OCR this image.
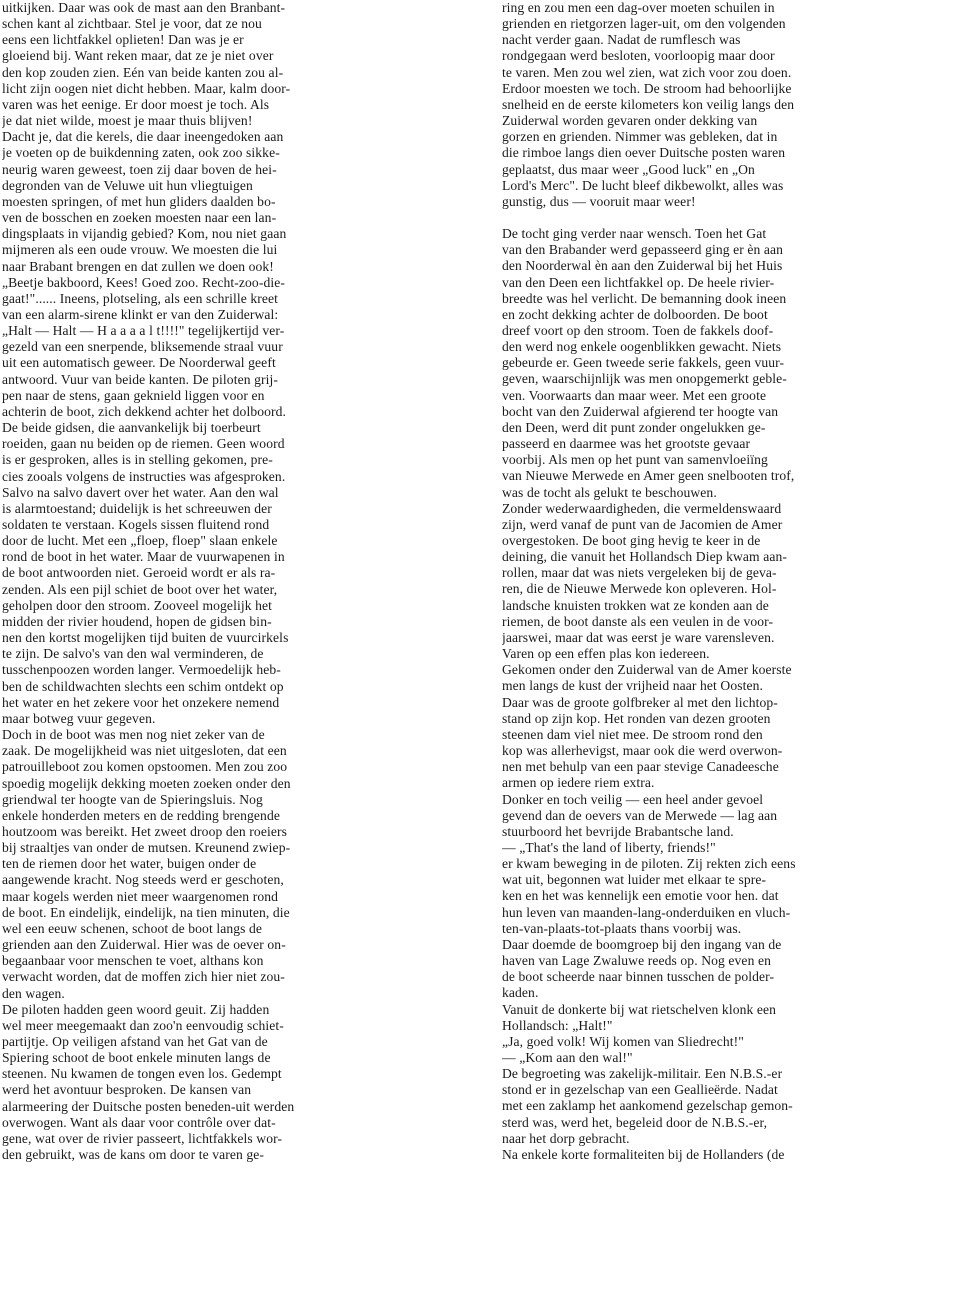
uitkijken. Daar was ook de mast aan den Branbant-

schen kant al zichtbaar. Stel je voor, dat ze nou

eens een lichtfakkel oplieten! Dan was je er

gloeiend bij. Want reken maar, dat ze je niet over

den kop zouden zien. Eén van beide kanten zou al-

licht zijn oogen niet dicht hebben. Maar, kalm door-

varen was het eenige. Er door moest je toch. Als

je dat niet wilde, moest je maar thuis blijven!

Dacht je, dat die kerels, die daar ineengedoken aan

je voeten op de buikdenning zaten, ook zoo sikke-

neurig waren geweest, toen zij daar boven de hei-

degronden van de Veluwe uit hun vliegtuigen

moesten springen, of met hun gliders daalden bo-

ven de bosschen en zoeken moesten naar een lan-

dingsplaats in vijandig gebied? Kom, nou niet gaan

mijmeren als een oude vrouw. We moesten die lui

naar Brabant brengen en dat zullen we doen ook!

„Beetje bakboord, Kees! Goed zoo. Recht-zoo-die-

gaat!"...... Ineens, plotseling, als een schrille kreet

van een alarm-sirene klinkt er van den Zuiderwal:

„Halt — Halt — H a a a a l t!!!!" tegelijkertijd ver-

gezeld van een snerpende, bliksemende straal vuur

uit een automatisch geweer. De Noorderwal geeft

antwoord. Vuur van beide kanten. De piloten grij-

pen naar de stens, gaan geknield liggen voor en

achterin de boot, zich dekkend achter het dolboord.

De beide gidsen, die aanvankelijk bij toerbeurt

roeiden, gaan nu beiden op de riemen. Geen woord

is er gesproken, alles is in stelling gekomen, pre-

cies zooals volgens de instructies was afgesproken.

Salvo na salvo davert over het water. Aan den wal

is alarmtoestand; duidelijk is het schreeuwen der

soldaten te verstaan. Kogels sissen fluitend rond

door de lucht. Met een „floep, floep" slaan enkele

rond de boot in het water. Maar de vuurwapenen in

de boot antwoorden niet. Geroeid wordt er als ra-

zenden. Als een pijl schiet de boot over het water,

geholpen door den stroom. Zooveel mogelijk het

midden der rivier houdend, hopen de gidsen bin-

nen den kortst mogelijken tijd buiten de vuurcirkels

te zijn. De salvo's van den wal verminderen, de

tusschenpoozen worden langer. Vermoedelijk heb-

ben de schildwachten slechts een schim ontdekt op

het water en het zekere voor het onzekere nemend

maar botweg vuur gegeven.

Doch in de boot was men nog niet zeker van de

zaak. De mogelijkheid was niet uitgesloten, dat een

patrouilleboot zou komen opstoomen. Men zou zoo

spoedig mogelijk dekking moeten zoeken onder den

griendwal ter hoogte van de Spieringsluis. Nog

enkele honderden meters en de redding brengende

houtzoom was bereikt. Het zweet droop den roeiers

bij straaltjes van onder de mutsen. Kreunend zwiep-

ten de riemen door het water, buigen onder de

aangewende kracht. Nog steeds werd er geschoten,

maar kogels werden niet meer waargenomen rond

de boot. En eindelijk, eindelijk, na tien minuten, die

wel een eeuw schenen, schoot de boot langs de

grienden aan den Zuiderwal. Hier was de oever on-

begaanbaar voor menschen te voet, althans kon

verwacht worden, dat de moffen zich hier niet zou-

den wagen.

De piloten hadden geen woord geuit. Zij hadden

wel meer meegemaakt dan zoo'n eenvoudig schiet-

partijtje. Op veiligen afstand van het Gat van de

Spiering schoot de boot enkele minuten langs de

steenen. Nu kwamen de tongen even los. Gedempt

werd het avontuur besproken. De kansen van

alarmeering der Duitsche posten beneden-uit werden

overwogen. Want als daar voor contrôle over dat-

gene, wat over de rivier passeert, lichtfakkels wor-

den gebruikt, was de kans om door te varen ge-

ring en zou men een dag-over moeten schuilen in

grienden en rietgorzen lager-uit, om den volgenden

nacht verder gaan. Nadat de rumflesch was

rondgegaan werd besloten, voorloopig maar door

te varen. Men zou wel zien, wat zich voor zou doen.

Erdoor moesten we toch. De stroom had behoorlijke

snelheid en de eerste kilometers kon veilig langs den

Zuiderwal worden gevaren onder dekking van

gorzen en grienden. Nimmer was gebleken, dat in

die rimboe langs dien oever Duitsche posten waren

geplaatst, dus maar weer „Good luck" en „On

Lord's Merc". De lucht bleef dikbewolkt, alles was

gunstig, dus — vooruit maar weer!

De tocht ging verder naar wensch. Toen het Gat

van den Brabander werd gepasseerd ging er èn aan

den Noorderwal èn aan den Zuiderwal bij het Huis

van den Deen een lichtfakkel op. De heele rivier-

breedte was hel verlicht. De bemanning dook ineen

en zocht dekking achter de dolboorden. De boot

dreef voort op den stroom. Toen de fakkels doof-

den werd nog enkele oogenblikken gewacht. Niets

gebeurde er. Geen tweede serie fakkels, geen vuur-

geven, waarschijnlijk was men onopgemerkt geble-

ven. Voorwaarts dan maar weer. Met een groote

bocht van den Zuiderwal afgierend ter hoogte van

den Deen, werd dit punt zonder ongelukken ge-

passeerd en daarmee was het grootste gevaar

voorbij. Als men op het punt van samenvloeiïng

van Nieuwe Merwede en Amer geen snelbooten trof,

was de tocht als gelukt te beschouwen.

Zonder wederwaardigheden, die vermeldenswaard

zijn, werd vanaf de punt van de Jacomien de Amer

overgestoken. De boot ging hevig te keer in de

deining, die vanuit het Hollandsch Diep kwam aan-

rollen, maar dat was niets vergeleken bij de geva-

ren, die de Nieuwe Merwede kon opleveren. Hol-

landsche knuisten trokken wat ze konden aan de

riemen, de boot danste als een veulen in de voor-

jaarswei, maar dat was eerst je ware varensleven.

Varen op een effen plas kon iedereen.

Gekomen onder den Zuiderwal van de Amer koerste

men langs de kust der vrijheid naar het Oosten.

Daar was de groote golfbreker al met den lichtop-

stand op zijn kop. Het ronden van dezen grooten

steenen dam viel niet mee. De stroom rond den

kop was allerhevigst, maar ook die werd overwon-

nen met behulp van een paar stevige Canadeesche

armen op iedere riem extra.

Donker en toch veilig — een heel ander gevoel

gevend dan de oevers van de Merwede — lag aan

stuurboord het bevrijde Brabantsche land.

— „That's the land of liberty, friends!"

er kwam beweging in de piloten. Zij rekten zich eens

wat uit, begonnen wat luider met elkaar te spre-

ken en het was kennelijk een emotie voor hen. dat

hun leven van maanden-lang-onderduiken en vluch-

ten-van-plaats-tot-plaats thans voorbij was.

Daar doemde de boomgroep bij den ingang van de

haven van Lage Zwaluwe reeds op. Nog even en

de boot scheerde naar binnen tusschen de polder-

kaden.

Vanuit de donkerte bij wat rietschelven klonk een

Hollandsch: „Halt!"

„Ja, goed volk! Wij komen van Sliedrecht!"

— „Kom aan den wal!"

De begroeting was zakelijk-militair. Een N.B.S.-er

stond er in gezelschap van een Geallieërde. Nadat

met een zaklamp het aankomend gezelschap gemon-

sterd was, werd het, begeleid door de N.B.S.-er,

naar het dorp gebracht.

Na enkele korte formaliteiten bij de Hollanders (de
